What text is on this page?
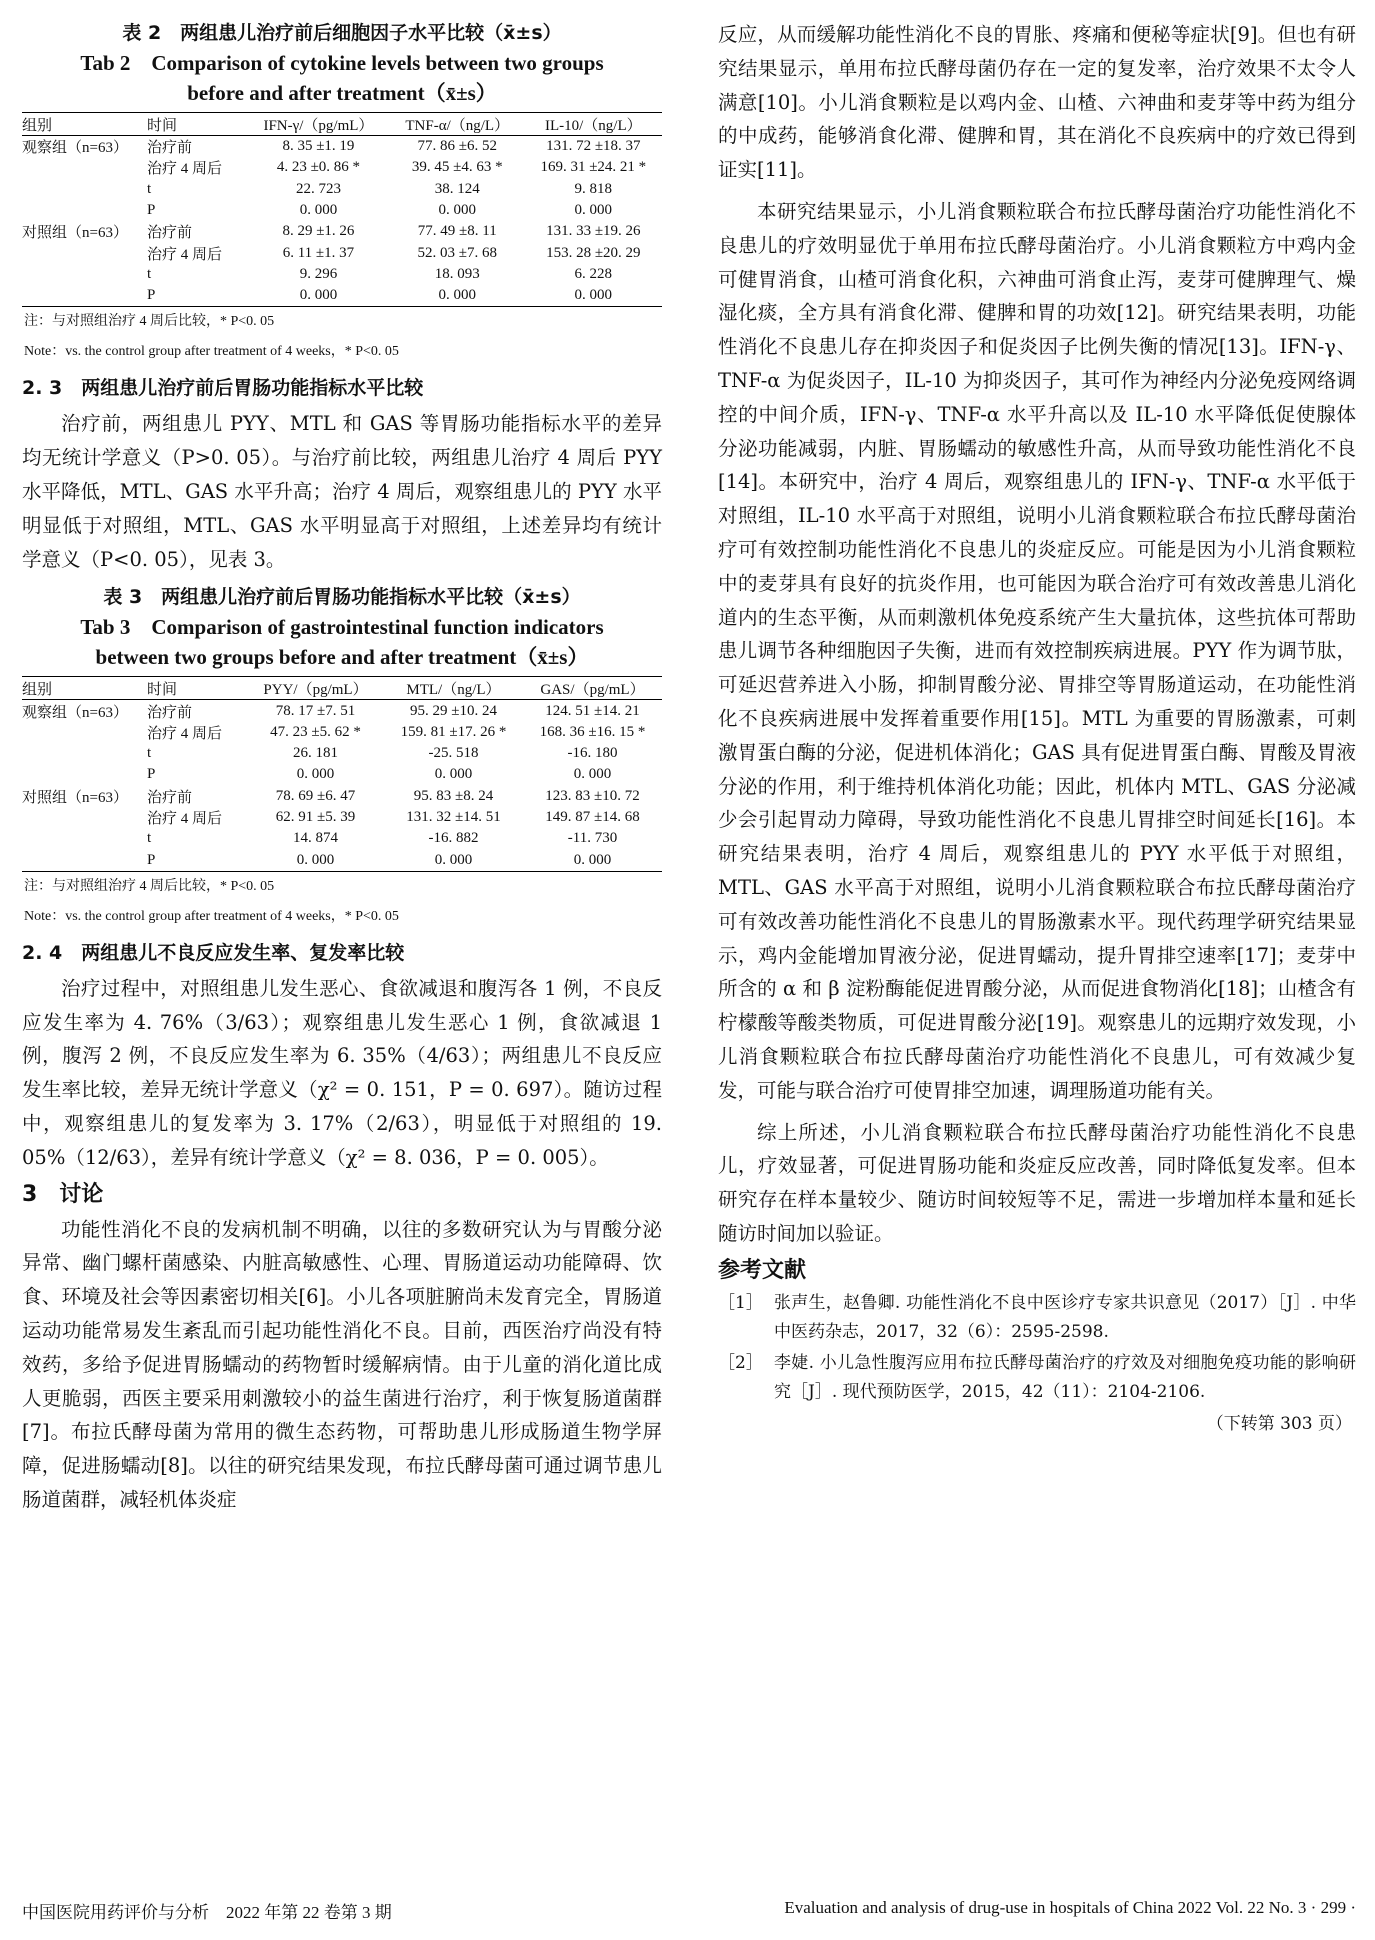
表 2　两组患儿治疗前后细胞因子水平比较（x̄±s）
Tab 2　Comparison of cytokine levels between two groups
before and after treatment（x̄±s）
组别	时间	IFN-γ/（pg/mL）	TNF-α/（ng/L）	IL-10/（ng/L）
观察组（n=63）	治疗前	8. 35 ±1. 19	77. 86 ±6. 52	131. 72 ±18. 37
	治疗 4 周后	4. 23 ±0. 86 *	39. 45 ±4. 63 *	169. 31 ±24. 21 *
	t	22. 723	38. 124	9. 818
	P	0. 000	0. 000	0. 000
对照组（n=63）	治疗前	8. 29 ±1. 26	77. 49 ±8. 11	131. 33 ±19. 26
	治疗 4 周后	6. 11 ±1. 37	52. 03 ±7. 68	153. 28 ±20. 29
	t	9. 296	18. 093	6. 228
	P	0. 000	0. 000	0. 000
注：与对照组治疗 4 周后比较，* P<0. 05
Note：vs. the control group after treatment of 4 weeks，* P<0. 05
2. 3　两组患儿治疗前后胃肠功能指标水平比较

治疗前，两组患儿 PYY、MTL 和 GAS 等胃肠功能指标水平的差异均无统计学意义（P>0. 05）。与治疗前比较，两组患儿治疗 4 周后 PYY 水平降低，MTL、GAS 水平升高；治疗 4 周后，观察组患儿的 PYY 水平明显低于对照组，MTL、GAS 水平明显高于对照组，上述差异均有统计学意义（P<0. 05），见表 3。

表 3　两组患儿治疗前后胃肠功能指标水平比较（x̄±s）
Tab 3　Comparison of gastrointestinal function indicators
between two groups before and after treatment（x̄±s）
组别	时间	PYY/（pg/mL）	MTL/（ng/L）	GAS/（pg/mL）
观察组（n=63）	治疗前	78. 17 ±7. 51	95. 29 ±10. 24	124. 51 ±14. 21
	治疗 4 周后	47. 23 ±5. 62 *	159. 81 ±17. 26 *	168. 36 ±16. 15 *
	t	26. 181	-25. 518	-16. 180
	P	0. 000	0. 000	0. 000
对照组（n=63）	治疗前	78. 69 ±6. 47	95. 83 ±8. 24	123. 83 ±10. 72
	治疗 4 周后	62. 91 ±5. 39	131. 32 ±14. 51	149. 87 ±14. 68
	t	14. 874	-16. 882	-11. 730
	P	0. 000	0. 000	0. 000
注：与对照组治疗 4 周后比较，* P<0. 05
Note：vs. the control group after treatment of 4 weeks，* P<0. 05
2. 4　两组患儿不良反应发生率、复发率比较

治疗过程中，对照组患儿发生恶心、食欲减退和腹泻各 1 例，不良反应发生率为 4. 76%（3/63）；观察组患儿发生恶心 1 例，食欲减退 1 例，腹泻 2 例，不良反应发生率为 6. 35%（4/63）；两组患儿不良反应发生率比较，差异无统计学意义（χ² = 0. 151，P = 0. 697）。随访过程中，观察组患儿的复发率为 3. 17%（2/63），明显低于对照组的 19. 05%（12/63），差异有统计学意义（χ² = 8. 036，P = 0. 005）。

3　讨论

功能性消化不良的发病机制不明确，以往的多数研究认为与胃酸分泌异常、幽门螺杆菌感染、内脏高敏感性、心理、胃肠道运动功能障碍、饮食、环境及社会等因素密切相关[6]。小儿各项脏腑尚未发育完全，胃肠道运动功能常易发生紊乱而引起功能性消化不良。目前，西医治疗尚没有特效药，多给予促进胃肠蠕动的药物暂时缓解病情。由于儿童的消化道比成人更脆弱，西医主要采用刺激较小的益生菌进行治疗，利于恢复肠道菌群[7]。布拉氏酵母菌为常用的微生态药物，可帮助患儿形成肠道生物学屏障，促进肠蠕动[8]。以往的研究结果发现，布拉氏酵母菌可通过调节患儿肠道菌群，减轻机体炎症

反应，从而缓解功能性消化不良的胃胀、疼痛和便秘等症状[9]。但也有研究结果显示，单用布拉氏酵母菌仍存在一定的复发率，治疗效果不太令人满意[10]。小儿消食颗粒是以鸡内金、山楂、六神曲和麦芽等中药为组分的中成药，能够消食化滞、健脾和胃，其在消化不良疾病中的疗效已得到证实[11]。

本研究结果显示，小儿消食颗粒联合布拉氏酵母菌治疗功能性消化不良患儿的疗效明显优于单用布拉氏酵母菌治疗。小儿消食颗粒方中鸡内金可健胃消食，山楂可消食化积，六神曲可消食止泻，麦芽可健脾理气、燥湿化痰，全方具有消食化滞、健脾和胃的功效[12]。研究结果表明，功能性消化不良患儿存在抑炎因子和促炎因子比例失衡的情况[13]。IFN-γ、TNF-α 为促炎因子，IL-10 为抑炎因子，其可作为神经内分泌免疫网络调控的中间介质，IFN-γ、TNF-α 水平升高以及 IL-10 水平降低促使腺体分泌功能减弱，内脏、胃肠蠕动的敏感性升高，从而导致功能性消化不良[14]。本研究中，治疗 4 周后，观察组患儿的 IFN-γ、TNF-α 水平低于对照组，IL-10 水平高于对照组，说明小儿消食颗粒联合布拉氏酵母菌治疗可有效控制功能性消化不良患儿的炎症反应。可能是因为小儿消食颗粒中的麦芽具有良好的抗炎作用，也可能因为联合治疗可有效改善患儿消化道内的生态平衡，从而刺激机体免疫系统产生大量抗体，这些抗体可帮助患儿调节各种细胞因子失衡，进而有效控制疾病进展。PYY 作为调节肽，可延迟营养进入小肠，抑制胃酸分泌、胃排空等胃肠道运动，在功能性消化不良疾病进展中发挥着重要作用[15]。MTL 为重要的胃肠激素，可刺激胃蛋白酶的分泌，促进机体消化；GAS 具有促进胃蛋白酶、胃酸及胃液分泌的作用，利于维持机体消化功能；因此，机体内 MTL、GAS 分泌减少会引起胃动力障碍，导致功能性消化不良患儿胃排空时间延长[16]。本研究结果表明，治疗 4 周后，观察组患儿的 PYY 水平低于对照组，MTL、GAS 水平高于对照组，说明小儿消食颗粒联合布拉氏酵母菌治疗可有效改善功能性消化不良患儿的胃肠激素水平。现代药理学研究结果显示，鸡内金能增加胃液分泌，促进胃蠕动，提升胃排空速率[17]；麦芽中所含的 α 和 β 淀粉酶能促进胃酸分泌，从而促进食物消化[18]；山楂含有柠檬酸等酸类物质，可促进胃酸分泌[19]。观察患儿的远期疗效发现，小儿消食颗粒联合布拉氏酵母菌治疗功能性消化不良患儿，可有效减少复发，可能与联合治疗可使胃排空加速，调理肠道功能有关。

综上所述，小儿消食颗粒联合布拉氏酵母菌治疗功能性消化不良患儿，疗效显著，可促进胃肠功能和炎症反应改善，同时降低复发率。但本研究存在样本量较少、随访时间较短等不足，需进一步增加样本量和延长随访时间加以验证。

参考文献
［1］ 张声生，赵鲁卿. 功能性消化不良中医诊疗专家共识意见（2017）［J］. 中华中医药杂志，2017，32（6）：2595-2598.
［2］ 李婕. 小儿急性腹泻应用布拉氏酵母菌治疗的疗效及对细胞免疫功能的影响研究［J］. 现代预防医学，2015，42（11）：2104-2106.
（下转第 303 页）
中国医院用药评价与分析　2022 年第 22 卷第 3 期	Evaluation and analysis of drug-use in hospitals of China 2022 Vol. 22 No. 3 · 299 ·
